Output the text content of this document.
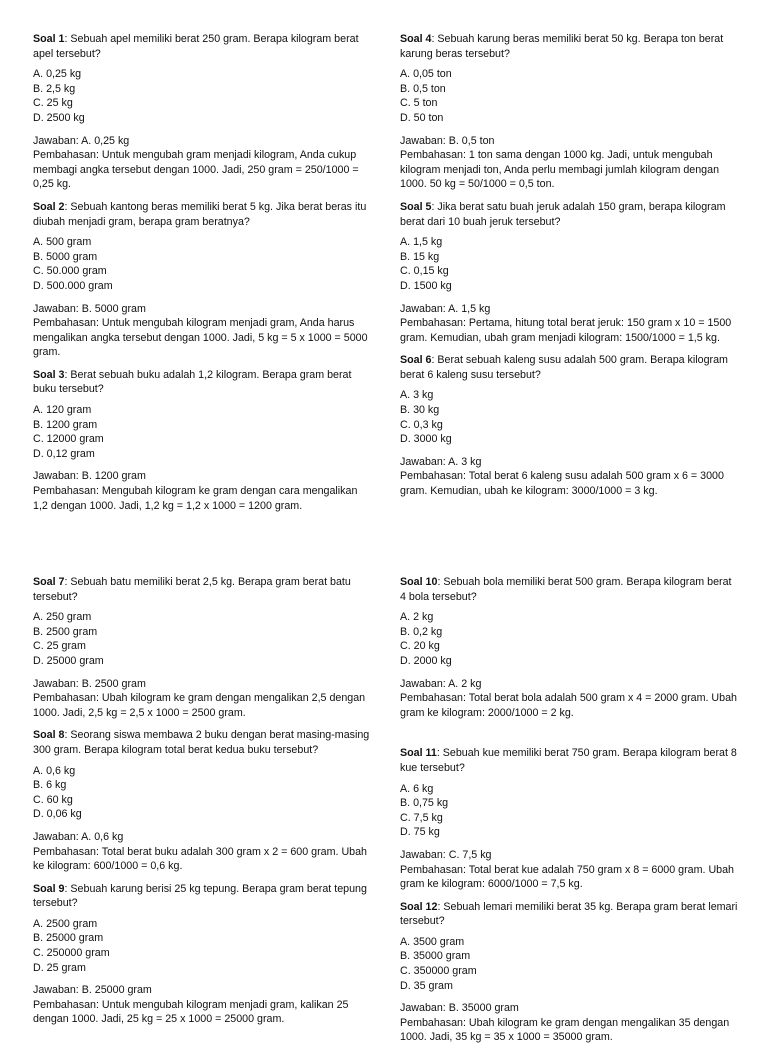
Soal 1: Sebuah apel memiliki berat 250 gram. Berapa kilogram berat apel tersebut?

A. 0,25 kg
B. 2,5 kg
C. 25 kg
D. 2500 kg

Jawaban: A. 0,25 kg

Pembahasan: Untuk mengubah gram menjadi kilogram, Anda cukup membagi angka tersebut dengan 1000. Jadi, 250 gram = 250/1000 = 0,25 kg.

Soal 2: Sebuah kantong beras memiliki berat 5 kg. Jika berat beras itu diubah menjadi gram, berapa gram beratnya?

A. 500 gram
B. 5000 gram
C. 50.000 gram
D. 500.000 gram

Jawaban: B. 5000 gram

Pembahasan: Untuk mengubah kilogram menjadi gram, Anda harus mengalikan angka tersebut dengan 1000. Jadi, 5 kg = 5 x 1000 = 5000 gram.

Soal 3: Berat sebuah buku adalah 1,2 kilogram. Berapa gram berat buku tersebut?

A. 120 gram
B. 1200 gram
C. 12000 gram
D. 0,12 gram

Jawaban: B. 1200 gram

Pembahasan: Mengubah kilogram ke gram dengan cara mengalikan 1,2 dengan 1000. Jadi, 1,2 kg = 1,2 x 1000 = 1200 gram.

Soal 4: Sebuah karung beras memiliki berat 50 kg. Berapa ton berat karung beras tersebut?

A. 0,05 ton
B. 0,5 ton
C. 5 ton
D. 50 ton

Jawaban: B. 0,5 ton

Pembahasan: 1 ton sama dengan 1000 kg. Jadi, untuk mengubah kilogram menjadi ton, Anda perlu membagi jumlah kilogram dengan 1000. 50 kg = 50/1000 = 0,5 ton.

Soal 5: Jika berat satu buah jeruk adalah 150 gram, berapa kilogram berat dari 10 buah jeruk tersebut?

A. 1,5 kg
B. 15 kg
C. 0,15 kg
D. 1500 kg

Jawaban: A. 1,5 kg

Pembahasan: Pertama, hitung total berat jeruk: 150 gram x 10 = 1500 gram. Kemudian, ubah gram menjadi kilogram: 1500/1000 = 1,5 kg.

Soal 6: Berat sebuah kaleng susu adalah 500 gram. Berapa kilogram berat 6 kaleng susu tersebut?

A. 3 kg
B. 30 kg
C. 0,3 kg
D. 3000 kg

Jawaban: A. 3 kg

Pembahasan: Total berat 6 kaleng susu adalah 500 gram x 6 = 3000 gram. Kemudian, ubah ke kilogram: 3000/1000 = 3 kg.

Soal 7: Sebuah batu memiliki berat 2,5 kg. Berapa gram berat batu tersebut?

A. 250 gram
B. 2500 gram
C. 25 gram
D. 25000 gram

Jawaban: B. 2500 gram

Pembahasan: Ubah kilogram ke gram dengan mengalikan 2,5 dengan 1000. Jadi, 2,5 kg = 2,5 x 1000 = 2500 gram.

Soal 8: Seorang siswa membawa 2 buku dengan berat masing-masing 300 gram. Berapa kilogram total berat kedua buku tersebut?

A. 0,6 kg
B. 6 kg
C. 60 kg
D. 0,06 kg

Jawaban: A. 0,6 kg

Pembahasan: Total berat buku adalah 300 gram x 2 = 600 gram. Ubah ke kilogram: 600/1000 = 0,6 kg.

Soal 9: Sebuah karung berisi 25 kg tepung. Berapa gram berat tepung tersebut?

A. 2500 gram
B. 25000 gram
C. 250000 gram
D. 25 gram

Jawaban: B. 25000 gram

Pembahasan: Untuk mengubah kilogram menjadi gram, kalikan 25 dengan 1000. Jadi, 25 kg = 25 x 1000 = 25000 gram.

Soal 10: Sebuah bola memiliki berat 500 gram. Berapa kilogram berat 4 bola tersebut?

A. 2 kg
B. 0,2 kg
C. 20 kg
D. 2000 kg

Jawaban: A. 2 kg

Pembahasan: Total berat bola adalah 500 gram x 4 = 2000 gram. Ubah gram ke kilogram: 2000/1000 = 2 kg.

Soal 11: Sebuah kue memiliki berat 750 gram. Berapa kilogram berat 8 kue tersebut?

A. 6 kg
B. 0,75 kg
C. 7,5 kg
D. 75 kg

Jawaban: C. 7,5 kg

Pembahasan: Total berat kue adalah 750 gram x 8 = 6000 gram. Ubah gram ke kilogram: 6000/1000 = 7,5 kg.

Soal 12: Sebuah lemari memiliki berat 35 kg. Berapa gram berat lemari tersebut?

A. 3500 gram
B. 35000 gram
C. 350000 gram
D. 35 gram

Jawaban: B. 35000 gram

Pembahasan: Ubah kilogram ke gram dengan mengalikan 35 dengan 1000. Jadi, 35 kg = 35 x 1000 = 35000 gram.
